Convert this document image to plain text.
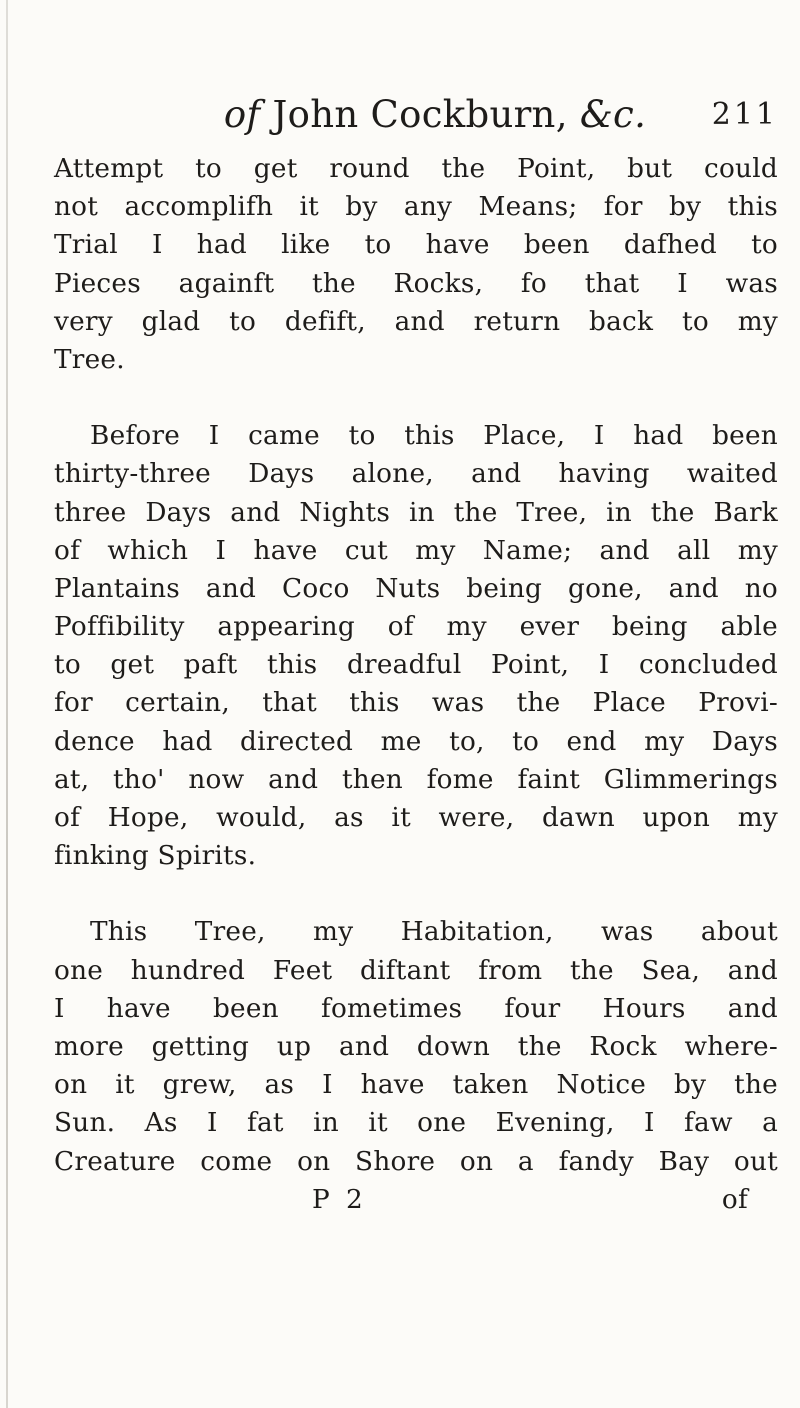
of John Cockburn, &c. 211
Attempt to get round the Point, but could
not accomplifh it by any Means; for by this
Trial I had like to have been dafhed to
Pieces againft the Rocks, fo that I was
very glad to defift, and return back to my
Tree.
Before I came to this Place, I had been
thirty-three Days alone, and having waited
three Days and Nights in the Tree, in the Bark
of which I have cut my Name; and all my
Plantains and Coco Nuts being gone, and no
Poffibility appearing of my ever being able
to get paft this dreadful Point, I concluded
for certain, that this was the Place Provi-
dence had directed me to, to end my Days
at, tho' now and then fome faint Glimmerings
of Hope, would, as it were, dawn upon my
finking Spirits.
This Tree, my Habitation, was about
one hundred Feet diftant from the Sea, and
I have been fometimes four Hours and
more getting up and down the Rock where-
on it grew, as I have taken Notice by the
Sun. As I fat in it one Evening, I faw a
Creature come on Shore on a fandy Bay out
P 2	of
